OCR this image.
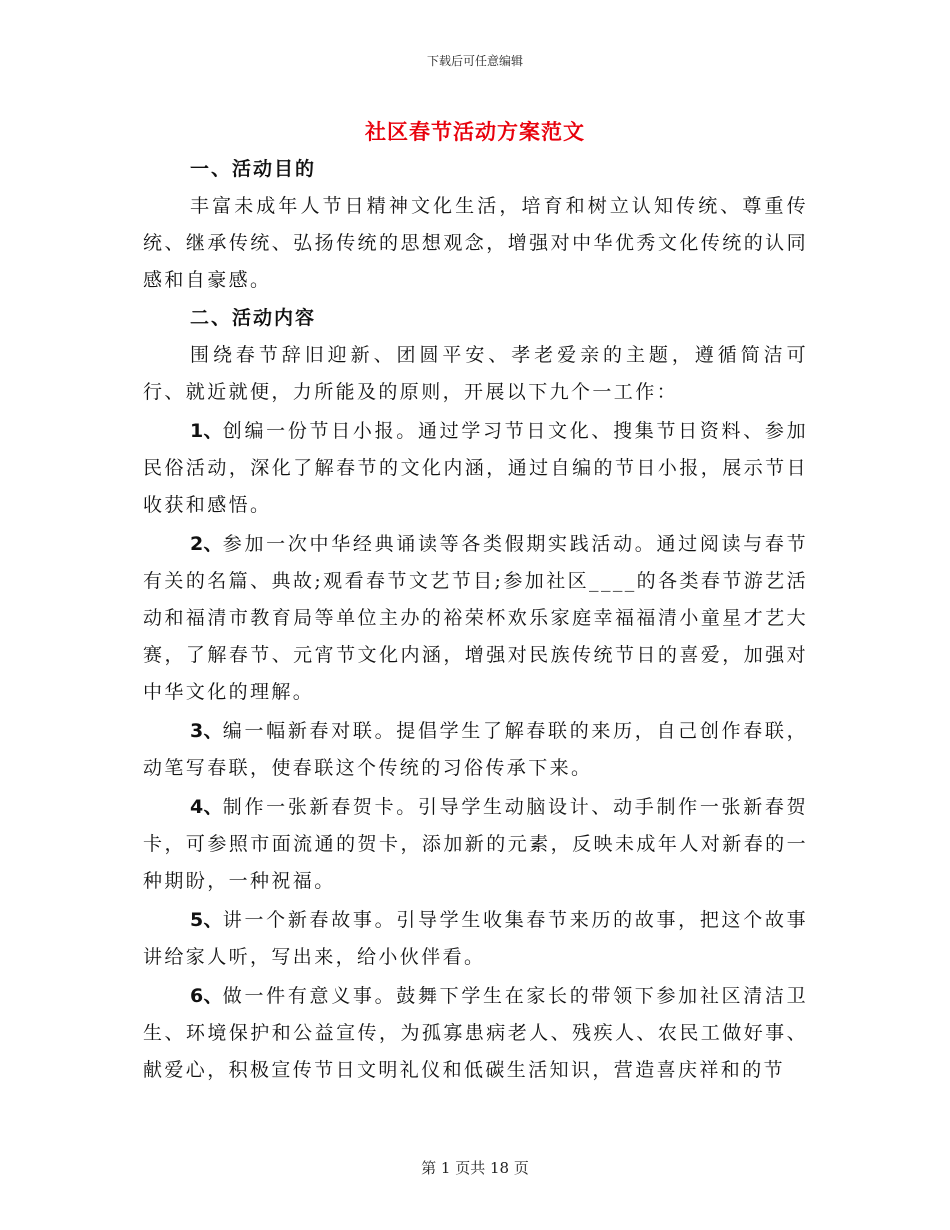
下载后可任意编辑
社区春节活动方案范文
一、活动目的

丰富未成年人节日精神文化生活，培育和树立认知传统、尊重传统、继承传统、弘扬传统的思想观念，增强对中华优秀文化传统的认同感和自豪感。

二、活动内容

围绕春节辞旧迎新、团圆平安、孝老爱亲的主题，遵循简洁可行、就近就便，力所能及的原则，开展以下九个一工作：

1、创编一份节日小报。通过学习节日文化、搜集节日资料、参加民俗活动，深化了解春节的文化内涵，通过自编的节日小报，展示节日收获和感悟。

2、参加一次中华经典诵读等各类假期实践活动。通过阅读与春节有关的名篇、典故;观看春节文艺节目;参加社区____的各类春节游艺活动和福清市教育局等单位主办的裕荣杯欢乐家庭幸福福清小童星才艺大赛，了解春节、元宵节文化内涵，增强对民族传统节日的喜爱，加强对中华文化的理解。

3、编一幅新春对联。提倡学生了解春联的来历，自己创作春联，动笔写春联，使春联这个传统的习俗传承下来。

4、制作一张新春贺卡。引导学生动脑设计、动手制作一张新春贺卡，可参照市面流通的贺卡，添加新的元素，反映未成年人对新春的一种期盼，一种祝福。

5、讲一个新春故事。引导学生收集春节来历的故事，把这个故事讲给家人听，写出来，给小伙伴看。

6、做一件有意义事。鼓舞下学生在家长的带领下参加社区清洁卫生、环境保护和公益宣传，为孤寡患病老人、残疾人、农民工做好事、献爱心，积极宣传节日文明礼仪和低碳生活知识，营造喜庆祥和的节

第 1 页共 18 页
